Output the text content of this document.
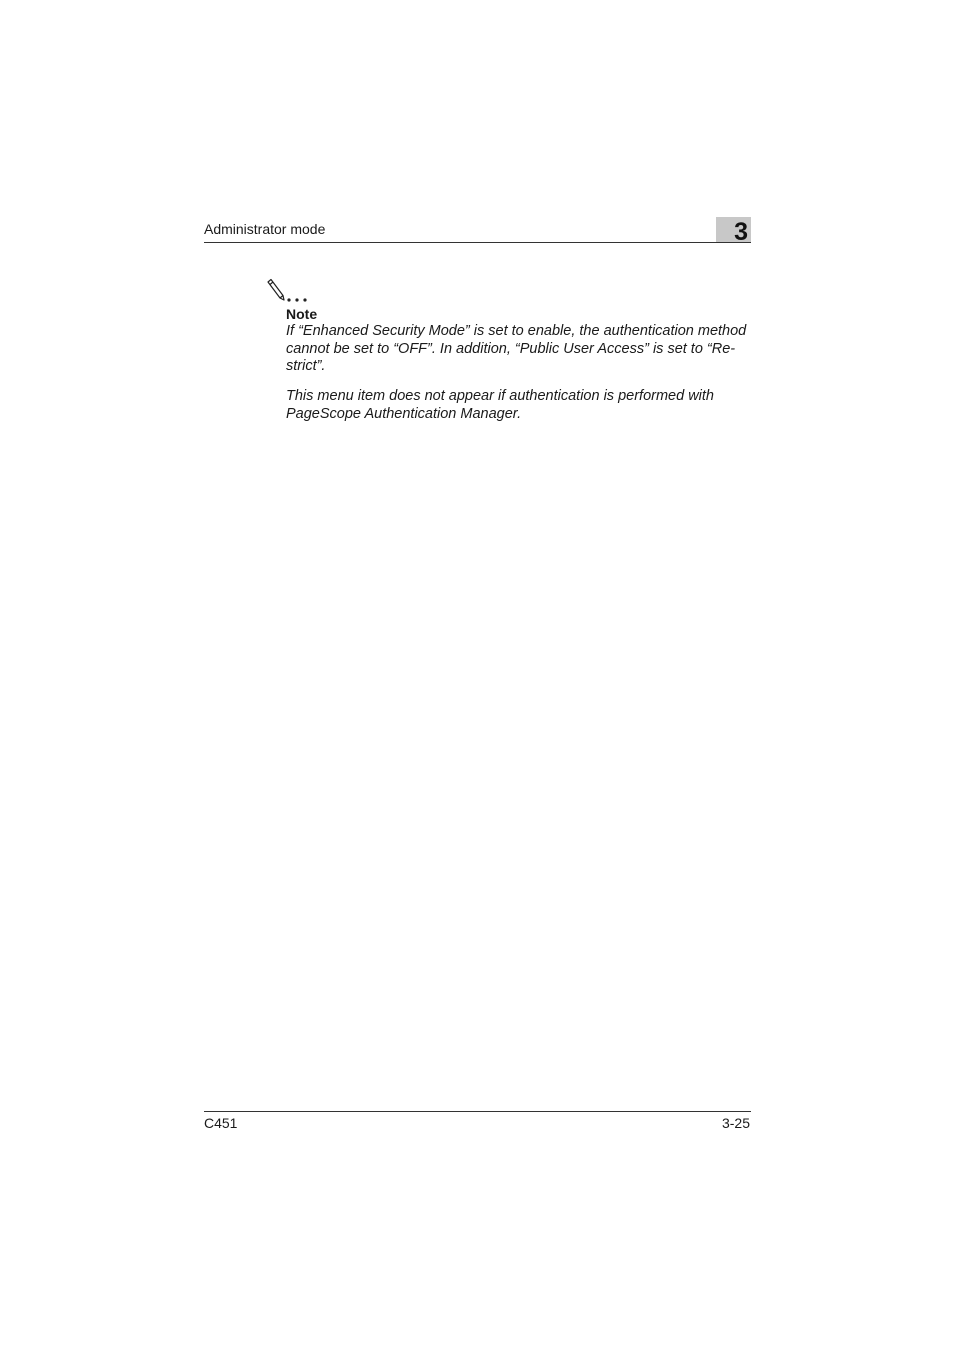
Administrator mode	3
Note
If “Enhanced Security Mode” is set to enable, the authentication method cannot be set to “OFF”. In addition, “Public User Access” is set to “Re-strict”.
This menu item does not appear if authentication is performed with PageScope Authentication Manager.
C451	3-25
